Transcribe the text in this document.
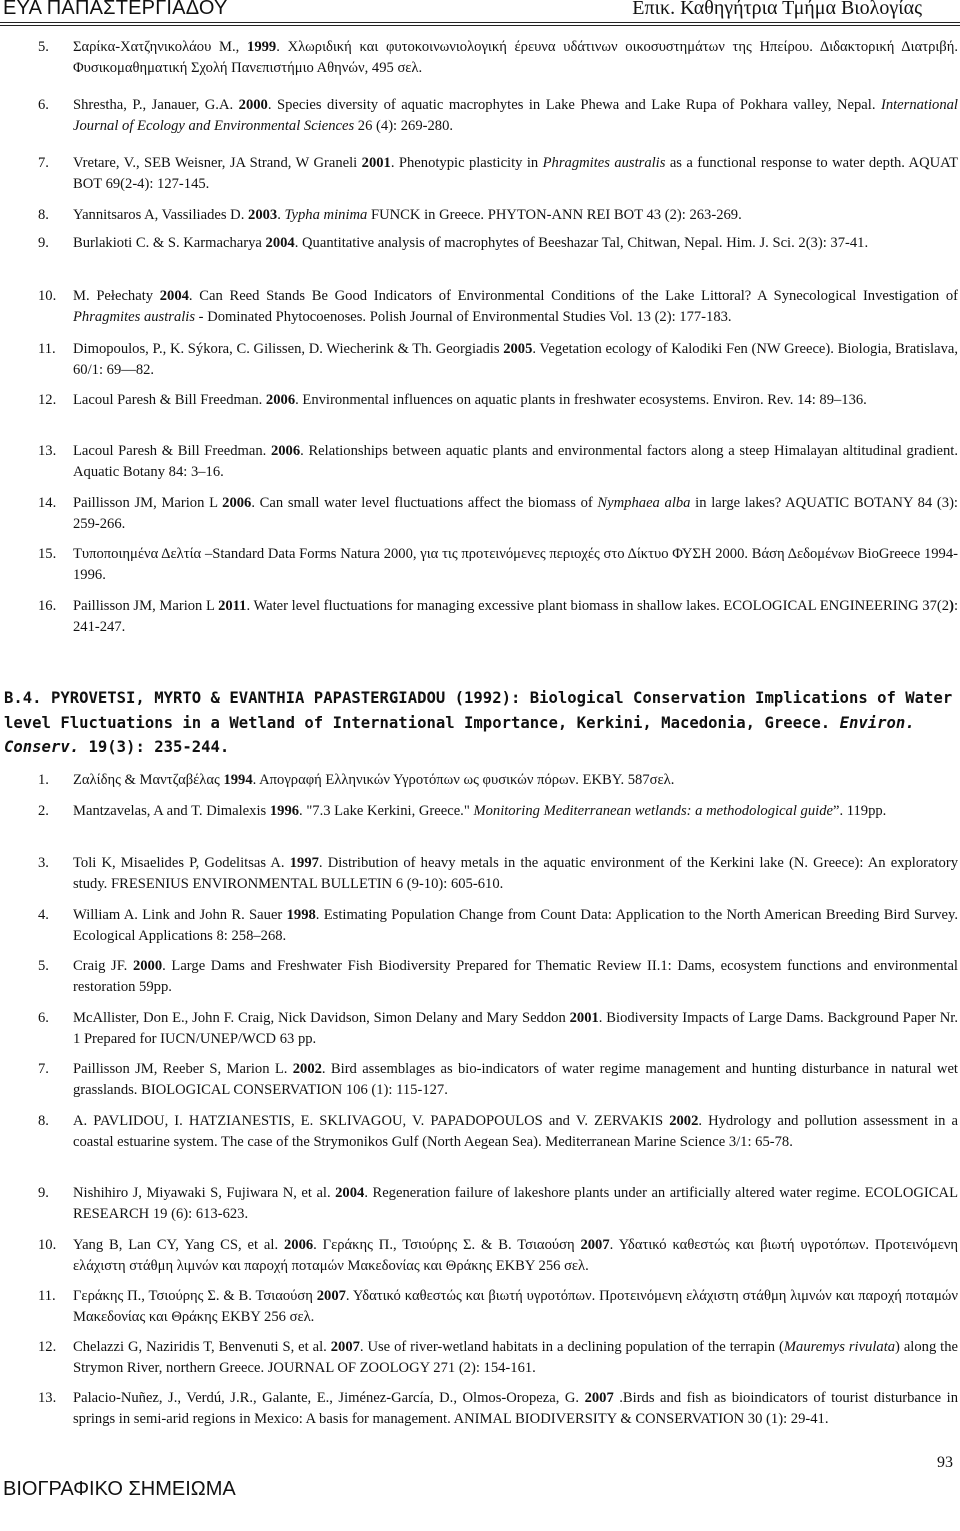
ΕΥΑ ΠΑΠΑΣΤΕΡΓΙΑΔΟΥ	Επικ. Καθηγήτρια Τμήμα Βιολογίας
5. Σαρίκα-Χατζηνικολάου Μ., 1999. Χλωριδική και φυτοκοινωνιολογική έρευνα υδάτινων οικοσυστημάτων της Ηπείρου. Διδακτορική Διατριβή. Φυσικομαθηματική Σχολή Πανεπιστήμιο Αθηνών, 495 σελ.
6. Shrestha, P., Janauer, G.A. 2000. Species diversity of aquatic macrophytes in Lake Phewa and Lake Rupa of Pokhara valley, Nepal. International Journal of Ecology and Environmental Sciences 26 (4): 269-280.
7. Vretare, V., SEB Weisner, JA Strand, W Graneli 2001. Phenotypic plasticity in Phragmites australis as a functional response to water depth. AQUAT BOT 69(2-4): 127-145.
8. Yannitsaros A, Vassiliades D. 2003. Typha minima FUNCK in Greece. PHYTON-ANN REI BOT 43 (2): 263-269.
9. Burlakioti C. & S. Karmacharya 2004. Quantitative analysis of macrophytes of Beeshazar Tal, Chitwan, Nepal. Him. J. Sci. 2(3): 37-41.
10. M. Pełechaty 2004. Can Reed Stands Be Good Indicators of Environmental Conditions of the Lake Littoral? A Synecological Investigation of Phragmites australis - Dominated Phytocoenoses. Polish Journal of Environmental Studies Vol. 13 (2): 177-183.
11. Dimopoulos, P., K. Sýkora, C. Gilissen, D. Wiecherink & Th. Georgiadis 2005. Vegetation ecology of Kalodiki Fen (NW Greece). Biologia, Bratislava, 60/1: 69—82.
12. Lacoul Paresh & Bill Freedman. 2006. Environmental influences on aquatic plants in freshwater ecosystems. Environ. Rev. 14: 89–136.
13. Lacoul Paresh & Bill Freedman. 2006. Relationships between aquatic plants and environmental factors along a steep Himalayan altitudinal gradient. Aquatic Botany 84: 3–16.
14. Paillisson JM, Marion L 2006. Can small water level fluctuations affect the biomass of Nymphaea alba in large lakes? AQUATIC BOTANY 84 (3): 259-266.
15. Τυποποιημένα Δελτία –Standard Data Forms Natura 2000, για τις προτεινόμενες περιοχές στο Δίκτυο ΦΥΣΗ 2000. Βάση Δεδομένων BioGreece 1994-1996.
16. Paillisson JM, Marion L 2011. Water level fluctuations for managing excessive plant biomass in shallow lakes. ECOLOGICAL ENGINEERING 37(2): 241-247.
B.4. PYROVETSI, MYRTO & EVANTHIA PAPASTERGIADOU (1992): Biological Conservation Implications of Water level Fluctuations in a Wetland of International Importance, Kerkini, Macedonia, Greece. Environ. Conserv. 19(3): 235-244.
1. Ζαλίδης & Μαντζαβέλας 1994. Απογραφή Ελληνικών Υγροτόπων ως φυσικών πόρων. ΕΚΒΥ. 587σελ.
2. Mantzavelas, A and T. Dimalexis 1996. "7.3 Lake Kerkini, Greece." Monitoring Mediterranean wetlands: a methodological guide”. 119pp.
3. Toli K, Misaelides P, Godelitsas A. 1997. Distribution of heavy metals in the aquatic environment of the Kerkini lake (N. Greece): An exploratory study. FRESENIUS ENVIRONMENTAL BULLETIN 6 (9-10): 605-610.
4. William A. Link and John R. Sauer 1998. Estimating Population Change from Count Data: Application to the North American Breeding Bird Survey. Ecological Applications 8: 258–268.
5. Craig JF. 2000. Large Dams and Freshwater Fish Biodiversity Prepared for Thematic Review II.1: Dams, ecosystem functions and environmental restoration 59pp.
6. McAllister, Don E., John F. Craig, Nick Davidson, Simon Delany and Mary Seddon 2001. Biodiversity Impacts of Large Dams. Background Paper Nr. 1 Prepared for IUCN/UNEP/WCD 63 pp.
7. Paillisson JM, Reeber S, Marion L. 2002. Bird assemblages as bio-indicators of water regime management and hunting disturbance in natural wet grasslands. BIOLOGICAL CONSERVATION 106 (1): 115-127.
8. A. PAVLIDOU, I. HATZIANESTIS, E. SKLIVAGOU, V. PAPADOPOULOS and V. ZERVAKIS 2002. Hydrology and pollution assessment in a coastal estuarine system. The case of the Strymonikos Gulf (North Aegean Sea). Mediterranean Marine Science 3/1: 65-78.
9. Nishihiro J, Miyawaki S, Fujiwara N, et al. 2004. Regeneration failure of lakeshore plants under an artificially altered water regime. ECOLOGICAL RESEARCH 19 (6): 613-623.
10. Yang B, Lan CY, Yang CS, et al. 2006. Γεράκης Π., Τσιούρης Σ. & Β. Τσιαούση 2007. Υδατικό καθεστώς και βιωτή υγροτόπων. Προτεινόμενη ελάχιστη στάθμη λιμνών και παροχή ποταμών Μακεδονίας και Θράκης ΕΚΒΥ 256 σελ.
11. Γεράκης Π., Τσιούρης Σ. & Β. Τσιαούση 2007. Υδατικό καθεστώς και βιωτή υγροτόπων. Προτεινόμενη ελάχιστη στάθμη λιμνών και παροχή ποταμών Μακεδονίας και Θράκης ΕΚΒΥ 256 σελ.
12. Chelazzi G, Naziridis T, Benvenuti S, et al. 2007. Use of river-wetland habitats in a declining population of the terrapin (Mauremys rivulata) along the Strymon River, northern Greece. JOURNAL OF ZOOLOGY 271 (2): 154-161.
13. Palacio-Nuñez, J., Verdú, J.R., Galante, E., Jiménez-García, D., Olmos-Oropeza, G. 2007 .Birds and fish as bioindicators of tourist disturbance in springs in semi-arid regions in Mexico: A basis for management. ANIMAL BIODIVERSITY & CONSERVATION 30 (1): 29-41.
93
ΒΙΟΓΡΑΦΙΚΟ ΣΗΜΕΙΩΜΑ
